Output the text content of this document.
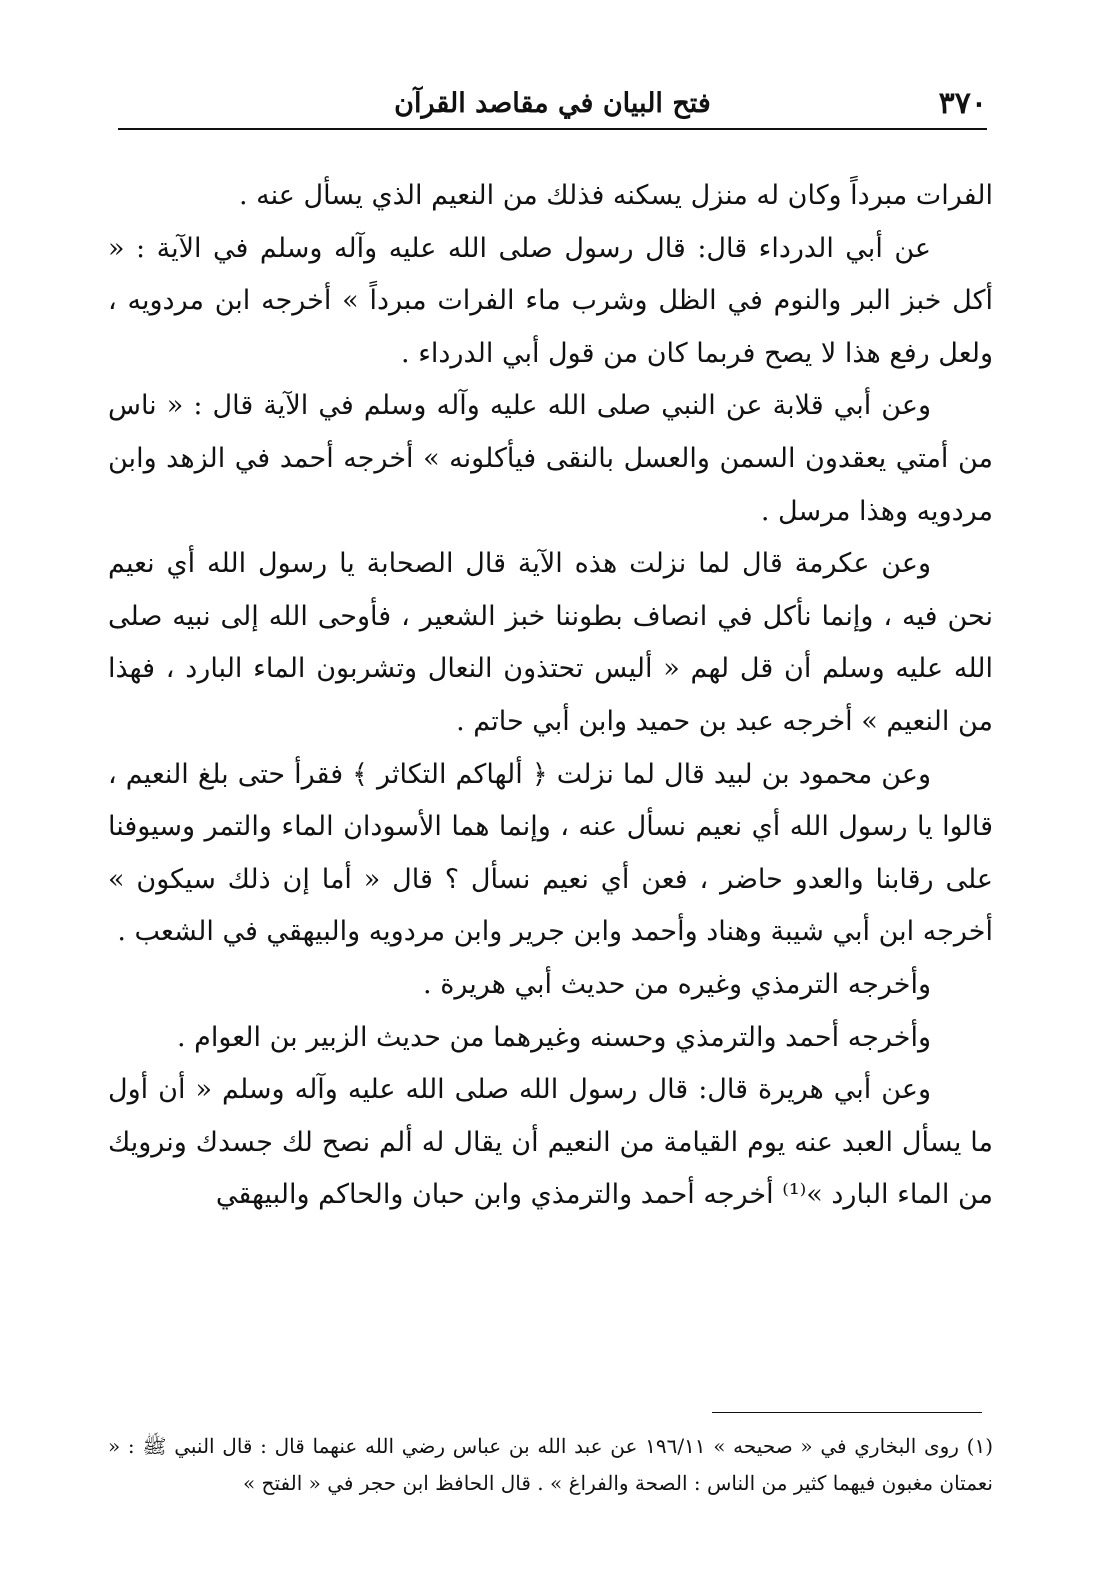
٣٧٠
فتح البيان في مقاصد القرآن

الفرات مبرداً وكان له منزل يسكنه فذلك من النعيم الذي يسأل عنه .

عن أبي الدرداء قال: قال رسول صلى الله عليه وآله وسلم في الآية : « أكل خبز البر والنوم في الظل وشرب ماء الفرات مبرداً » أخرجه ابن مردويه ، ولعل رفع هذا لا يصح فربما كان من قول أبي الدرداء .

وعن أبي قلابة عن النبي صلى الله عليه وآله وسلم في الآية قال : « ناس من أمتي يعقدون السمن والعسل بالنقى فيأكلونه » أخرجه أحمد في الزهد وابن مردويه وهذا مرسل .

وعن عكرمة قال لما نزلت هذه الآية قال الصحابة يا رسول الله أي نعيم نحن فيه ، وإنما نأكل في انصاف بطوننا خبز الشعير ، فأوحى الله إلى نبيه صلى الله عليه وسلم أن قل لهم « أليس تحتذون النعال وتشربون الماء البارد ، فهذا من النعيم » أخرجه عبد بن حميد وابن أبي حاتم .

وعن محمود بن لبيد قال لما نزلت ﴿ ألهاكم التكاثر ﴾ فقرأ حتى بلغ النعيم ، قالوا يا رسول الله أي نعيم نسأل عنه ، وإنما هما الأسودان الماء والتمر وسيوفنا على رقابنا والعدو حاضر ، فعن أي نعيم نسأل ؟ قال « أما إن ذلك سيكون » أخرجه ابن أبي شيبة وهناد وأحمد وابن جرير وابن مردويه والبيهقي في الشعب .

وأخرجه الترمذي وغيره من حديث أبي هريرة .

وأخرجه أحمد والترمذي وحسنه وغيرهما من حديث الزبير بن العوام .

وعن أبي هريرة قال: قال رسول الله صلى الله عليه وآله وسلم « أن أول ما يسأل العبد عنه يوم القيامة من النعيم أن يقال له ألم نصح لك جسدك ونرويك من الماء البارد »⁽¹⁾ أخرجه أحمد والترمذي وابن حبان والحاكم والبيهقي

(١) روى البخاري في « صحيحه » ١٩٦/١١ عن عبد الله بن عباس رضي الله عنهما قال : قال النبي ﷺ : « نعمتان مغبون فيهما كثير من الناس : الصحة والفراغ » . قال الحافظ ابن حجر في « الفتح »
